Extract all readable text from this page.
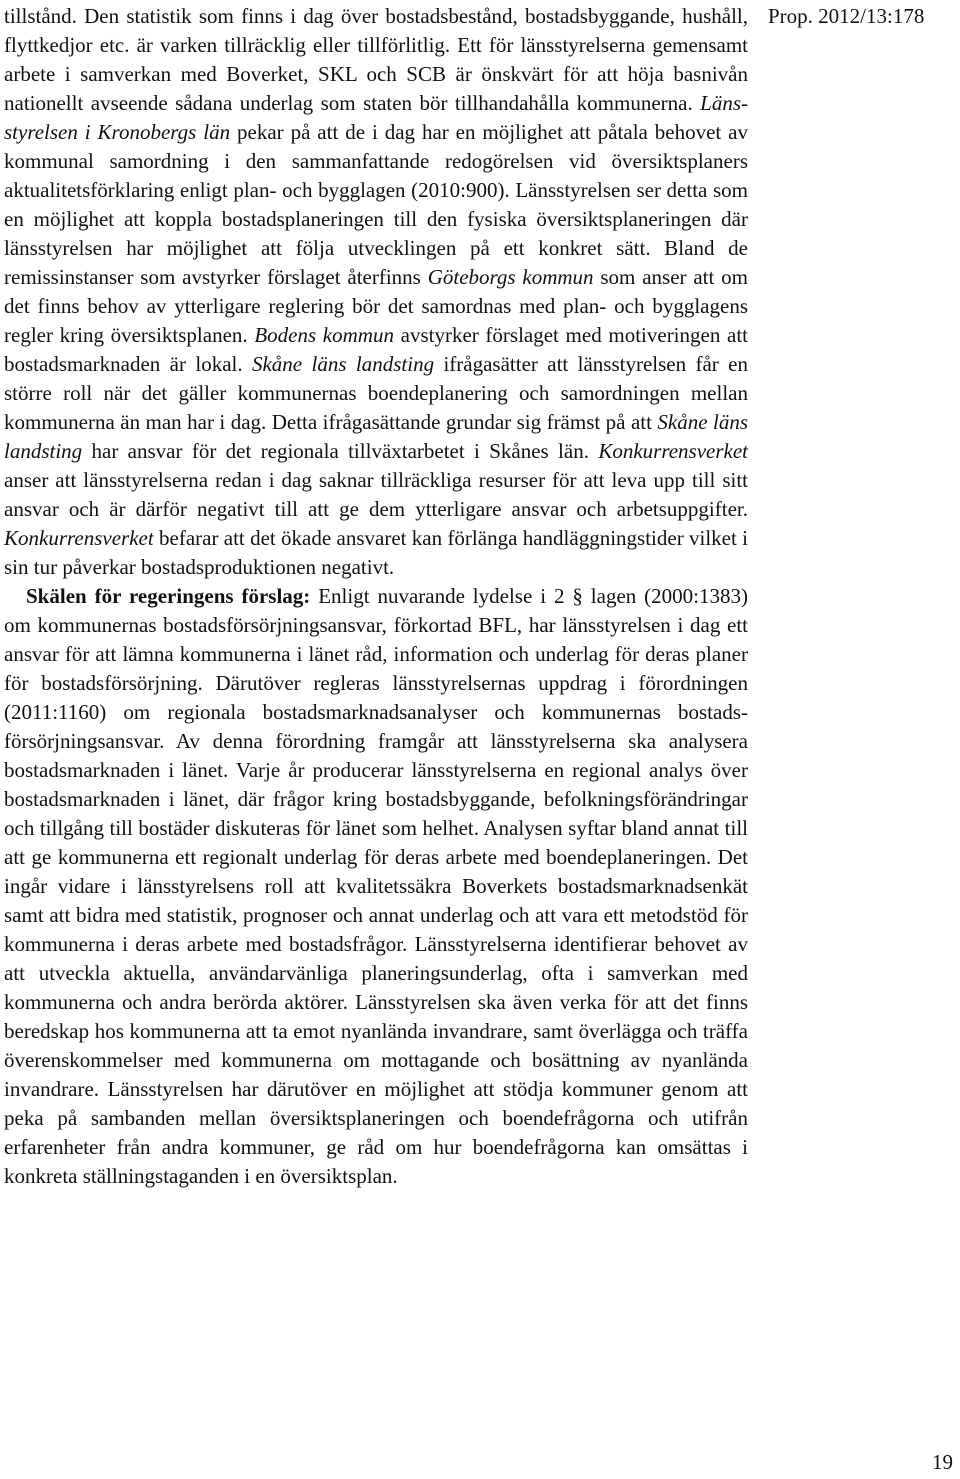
Prop. 2012/13:178

tillstånd. Den statistik som finns i dag över bostadsbestånd, bostadsbyggande, hushåll, flyttkedjor etc. är varken tillräcklig eller tillförlitlig. Ett för länsstyrelserna gemensamt arbete i samverkan med Boverket, SKL och SCB är önskvärt för att höja basnivån nationellt avseende sådana underlag som staten bör tillhandahålla kommunerna. Länsstyrelsen i Kronobergs län pekar på att de i dag har en möjlighet att påtala behovet av kommunal samordning i den sammanfattande redogörelsen vid översiktsplaners aktualitetsförklaring enligt plan- och bygglagen (2010:900). Länsstyrelsen ser detta som en möjlighet att koppla bostadsplaneringen till den fysiska översiktsplaneringen där länsstyrelsen har möjlighet att följa utvecklingen på ett konkret sätt. Bland de remissinstanser som avstyrker förslaget återfinns Göteborgs kommun som anser att om det finns behov av ytterligare reglering bör det samordnas med plan- och bygglagens regler kring översiktsplanen. Bodens kommun avstyrker förslaget med motiveringen att bostadsmarknaden är lokal. Skåne läns landsting ifrågasätter att länsstyrelsen får en större roll när det gäller kommunernas boendeplanering och samordningen mellan kommunerna än man har i dag. Detta ifrågasättande grundar sig främst på att Skåne läns landsting har ansvar för det regionala tillväxtarbetet i Skånes län. Konkurrensverket anser att länsstyrelserna redan i dag saknar tillräckliga resurser för att leva upp till sitt ansvar och är därför negativt till att ge dem ytterligare ansvar och arbetsuppgifter. Konkurrensverket befarar att det ökade ansvaret kan förlänga handläggningstider vilket i sin tur påverkar bostadsproduktionen negativt.

Skälen för regeringens förslag: Enligt nuvarande lydelse i 2 § lagen (2000:1383) om kommunernas bostadsförsörjningsansvar, förkortad BFL, har länsstyrelsen i dag ett ansvar för att lämna kommunerna i länet råd, information och underlag för deras planer för bostadsförsörjning. Därutöver regleras länsstyrelsernas uppdrag i förordningen (2011:1160) om regionala bostadsmarknadsanalyser och kommunernas bostadsförsörjningsansvar. Av denna förordning framgår att länsstyrelserna ska analysera bostadsmarknaden i länet. Varje år producerar länsstyrelserna en regional analys över bostadsmarknaden i länet, där frågor kring bostadsbyggande, befolkningsförändringar och tillgång till bostäder diskuteras för länet som helhet. Analysen syftar bland annat till att ge kommunerna ett regionalt underlag för deras arbete med boendeplaneringen. Det ingår vidare i länsstyrelsens roll att kvalitetssäkra Boverkets bostadsmarknadsenkät samt att bidra med statistik, prognoser och annat underlag och att vara ett metodstöd för kommunerna i deras arbete med bostadsfrågor. Länsstyrelserna identifierar behovet av att utveckla aktuella, användarvänliga planeringsunderlag, ofta i samverkan med kommunerna och andra berörda aktörer. Länsstyrelsen ska även verka för att det finns beredskap hos kommunerna att ta emot nyanlända invandrare, samt överlägga och träffa överenskommelser med kommunerna om mottagande och bosättning av nyanlända invandrare. Länsstyrelsen har därutöver en möjlighet att stödja kommuner genom att peka på sambanden mellan översiktsplaneringen och boendefrågorna och utifrån erfarenheter från andra kommuner, ge råd om hur boendefrågorna kan omsättas i konkreta ställningstaganden i en översiktsplan.

19
